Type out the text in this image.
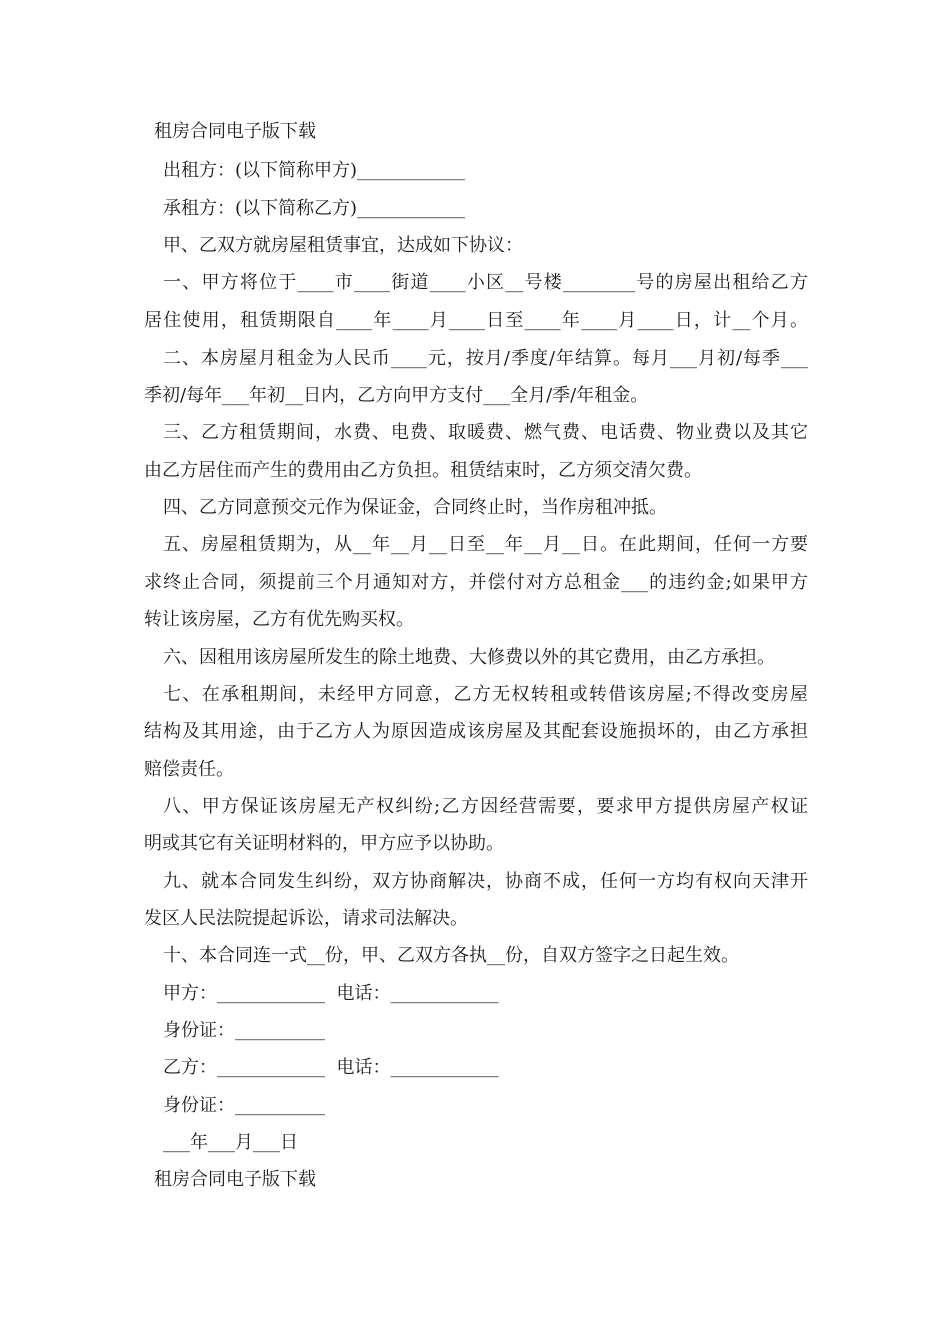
租房合同电子版下载
出租方：(以下简称甲方)____________
承租方：(以下简称乙方)____________
甲、乙双方就房屋租赁事宜，达成如下协议：
一、甲方将位于____市____街道____小区__号楼________号的房屋出租给乙方
居住使用，租赁期限自____年____月____日至____年____月____日，计__个月。
二、本房屋月租金为人民币____元，按月/季度/年结算。每月___月初/每季___
季初/每年___年初__日内，乙方向甲方支付___全月/季/年租金。
三、乙方租赁期间，水费、电费、取暖费、燃气费、电话费、物业费以及其它
由乙方居住而产生的费用由乙方负担。租赁结束时，乙方须交清欠费。
四、乙方同意预交元作为保证金，合同终止时，当作房租冲抵。
五、房屋租赁期为，从__年__月__日至__年__月__日。在此期间，任何一方要
求终止合同，须提前三个月通知对方，并偿付对方总租金___的违约金;如果甲方
转让该房屋，乙方有优先购买权。
六、因租用该房屋所发生的除土地费、大修费以外的其它费用，由乙方承担。
七、在承租期间，未经甲方同意，乙方无权转租或转借该房屋;不得改变房屋
结构及其用途，由于乙方人为原因造成该房屋及其配套设施损坏的，由乙方承担
赔偿责任。
八、甲方保证该房屋无产权纠纷;乙方因经营需要，要求甲方提供房屋产权证
明或其它有关证明材料的，甲方应予以协助。
九、就本合同发生纠纷，双方协商解决，协商不成，任何一方均有权向天津开
发区人民法院提起诉讼，请求司法解决。
十、本合同连一式__份，甲、乙双方各执__份，自双方签字之日起生效。
甲方：____________  电话：____________
身份证：__________
乙方：____________  电话：____________
身份证：__________
___年___月___日
租房合同电子版下载
